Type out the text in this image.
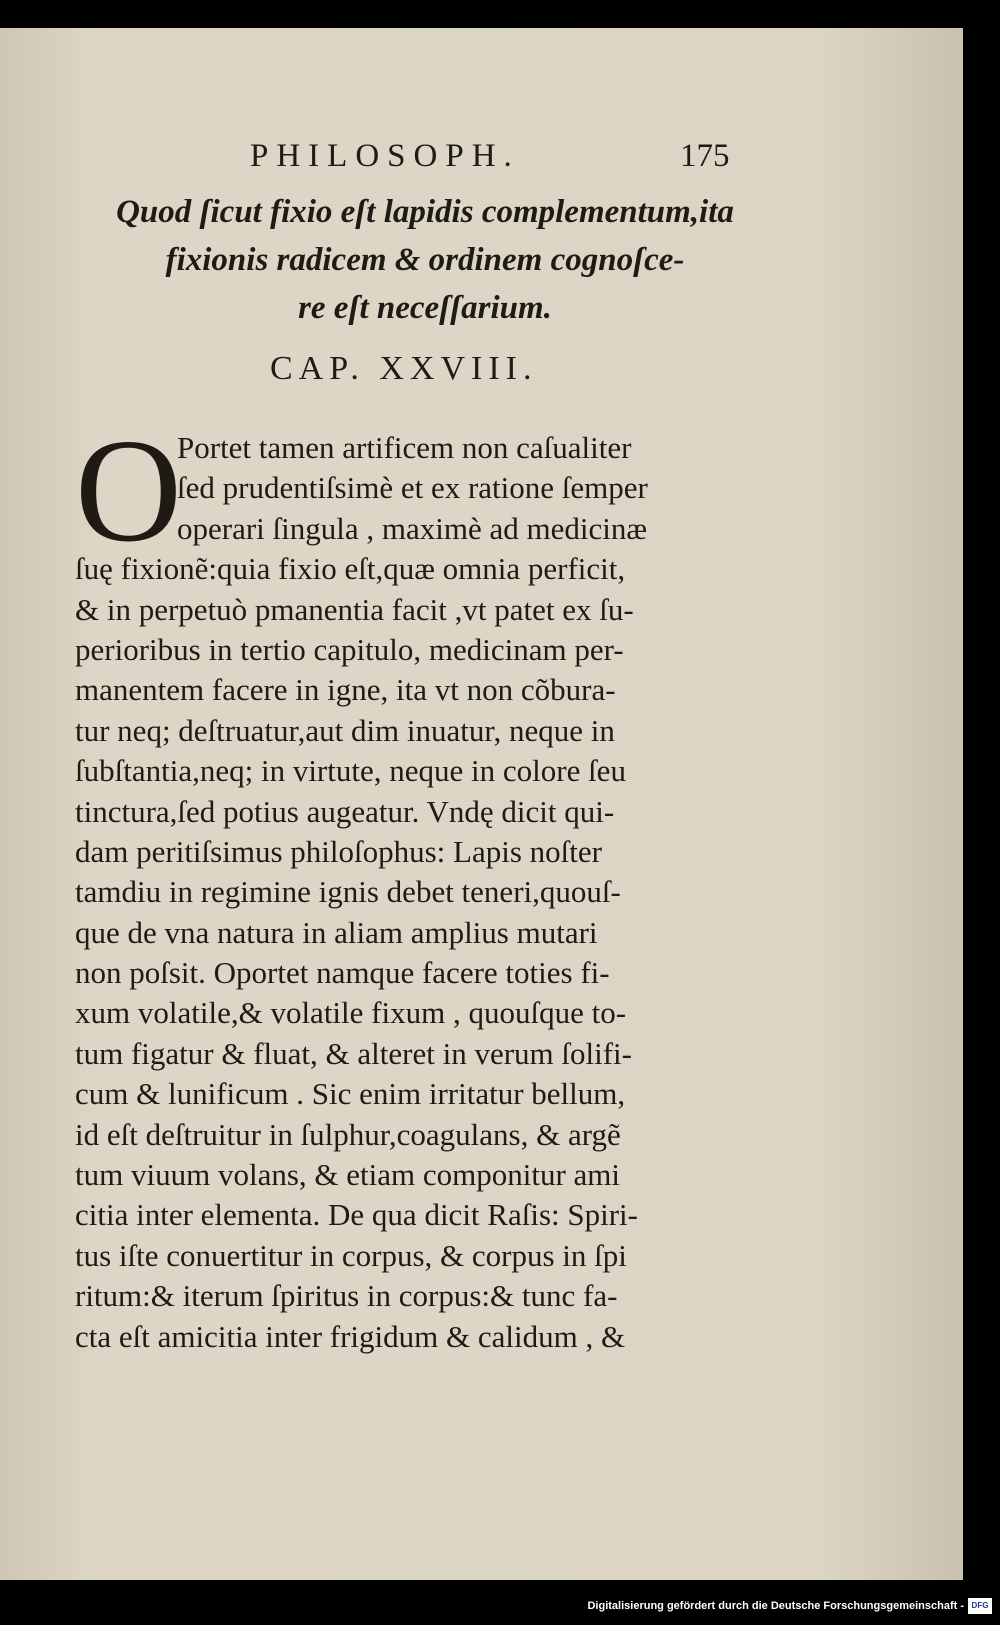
PHILOSOPH.	175
Quod ſicut fixio eſt lapidis complementum,ita
fixionis radicem & ordinem cognoſce-
re eſt neceſſarium.
CAP. XXVIII.
O
Portet tamen artificem non caſualiter
ſed prudentiſsimè et ex ratione ſemper
operari ſingula , maximè ad medicinæ
ſuę fixionẽ:quia fixio eſt,quæ omnia perficit,
& in perpetuò pmanentia facit ,vt patet ex ſu-
perioribus in tertio capitulo, medicinam per-
manentem facere in igne, ita vt non cõbura-
tur neq; deſtruatur,aut dim inuatur, neque in
ſubſtantia,neq; in virtute, neque in colore ſeu
tinctura,ſed potius augeatur. Vndę dicit qui-
dam peritiſsimus philoſophus: Lapis noſter
tamdiu in regimine ignis debet teneri,quouſ-
que de vna natura in aliam amplius mutari
non poſsit. Oportet namque facere toties fi-
xum volatile,& volatile fixum , quouſque to-
tum figatur & fluat, & alteret in verum ſolifi-
cum & lunificum . Sic enim irritatur bellum,
id eſt deſtruitur in ſulphur,coagulans, & argẽ
tum viuum volans, & etiam componitur ami
citia inter elementa. De qua dicit Raſis: Spiri-
tus iſte conuertitur in corpus, & corpus in ſpi
ritum:& iterum ſpiritus in corpus:& tunc fa-
cta eſt amicitia inter frigidum & calidum , &
Digitalisierung gefördert durch die Deutsche Forschungsgemeinschaft - DFG
